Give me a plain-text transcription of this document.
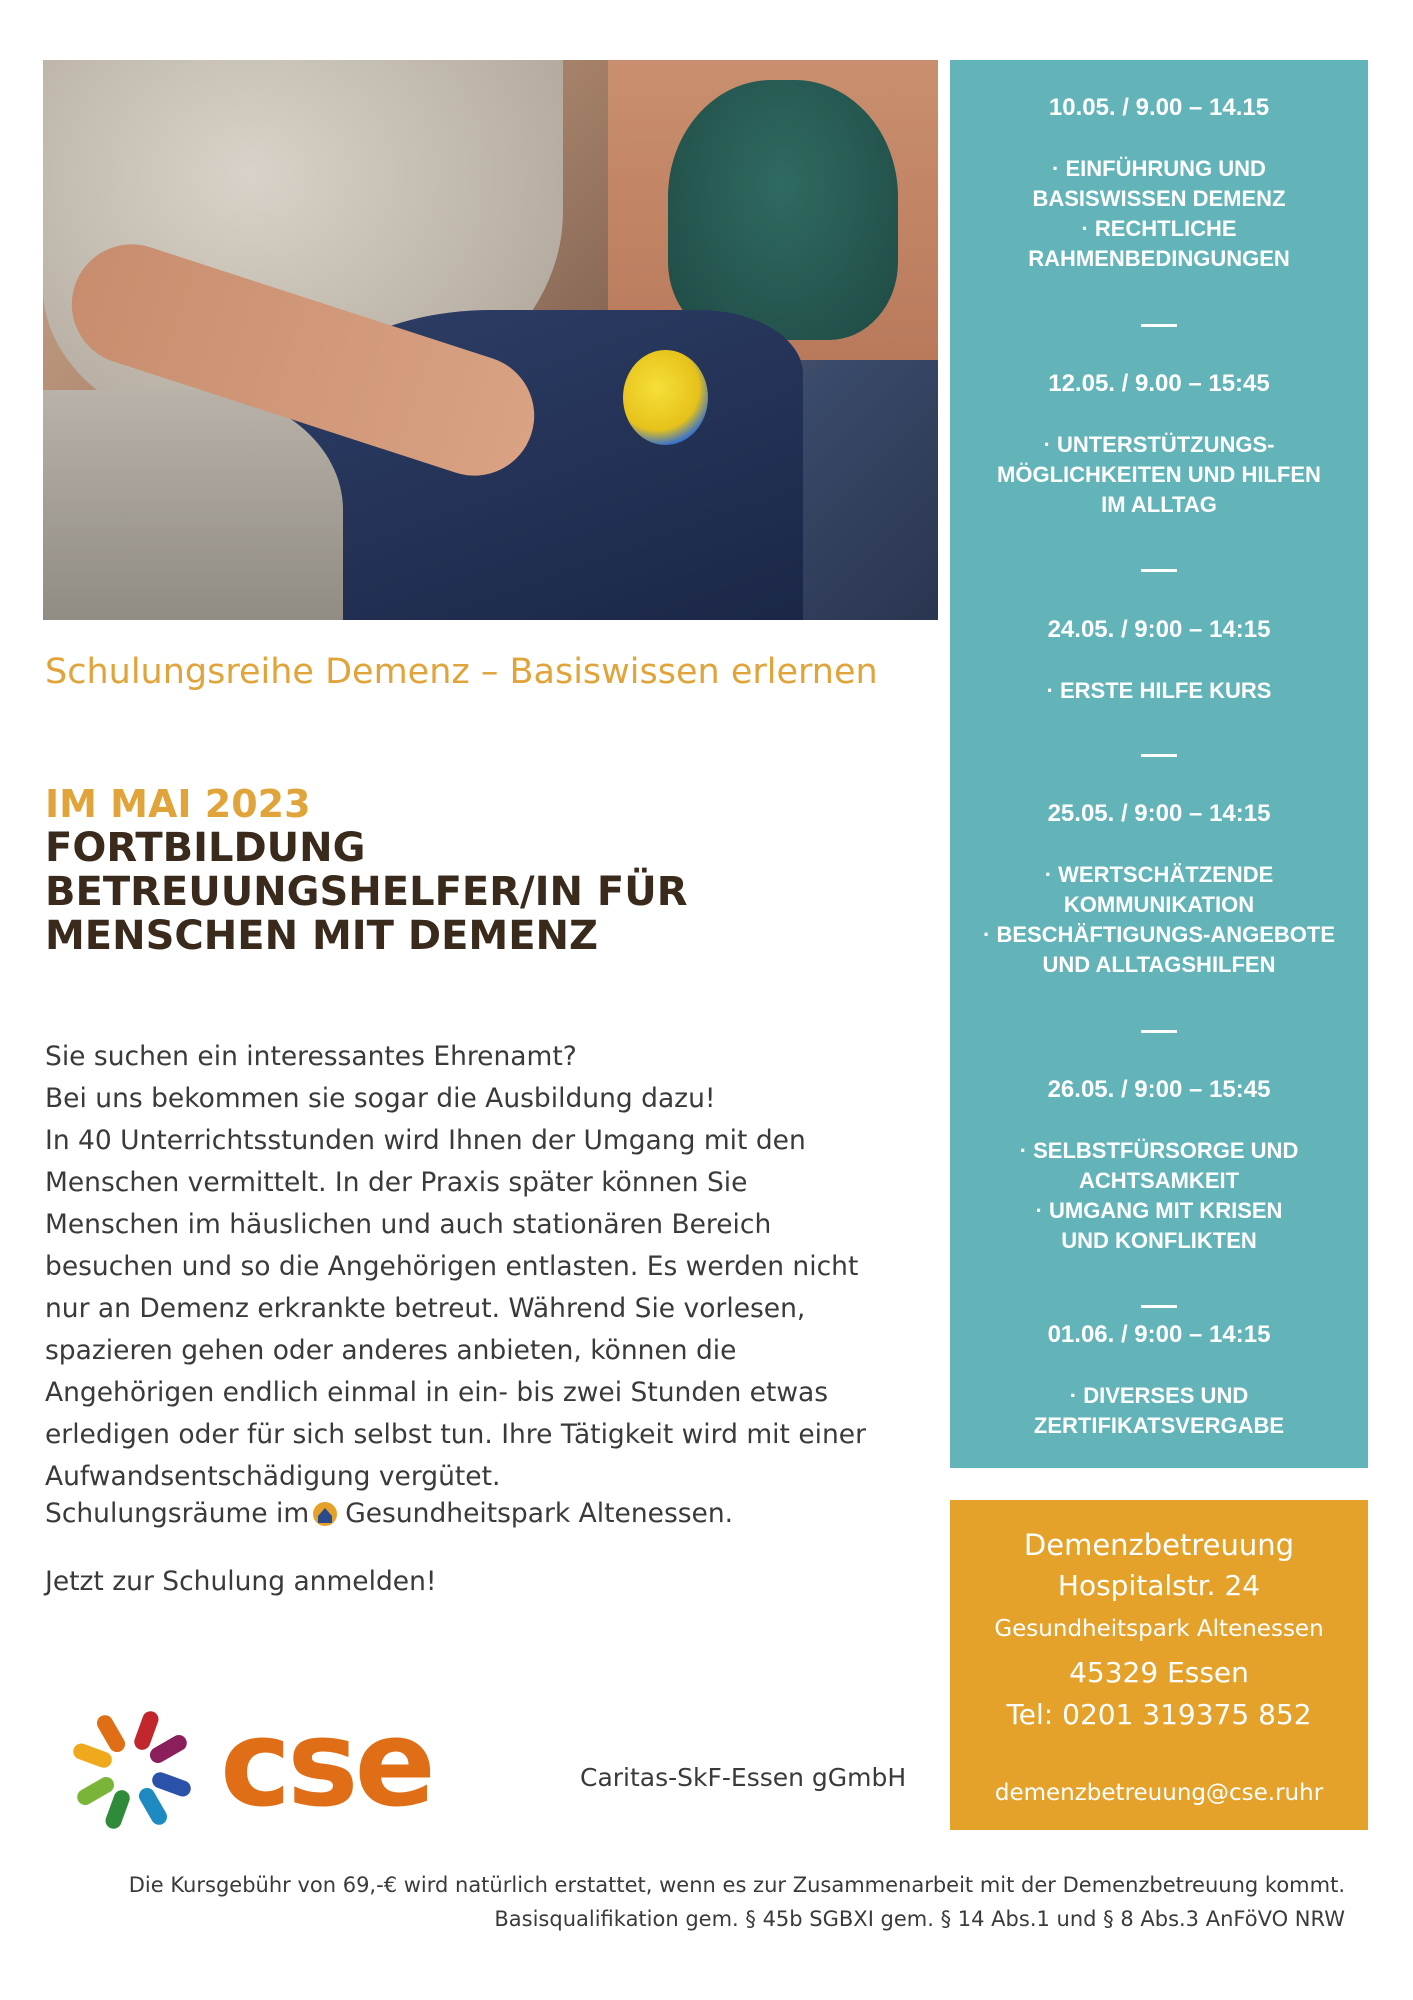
Schulungsreihe Demenz – Basiswissen erlernen
IM MAI 2023
FORTBILDUNG
BETREUUNGSHELFER/IN FÜR
MENSCHEN MIT DEMENZ
Sie suchen ein interessantes Ehrenamt?
Bei uns bekommen sie sogar die Ausbildung dazu!
In 40 Unterrichtsstunden wird Ihnen der Umgang mit den
Menschen vermittelt. In der Praxis später können Sie
Menschen im häuslichen und auch stationären Bereich
besuchen und so die Angehörigen entlasten. Es werden nicht
nur an Demenz erkrankte betreut. Während Sie vorlesen,
spazieren gehen oder anderes anbieten, können die
Angehörigen endlich einmal in ein- bis zwei Stunden etwas
erledigen oder für sich selbst tun. Ihre Tätigkeit wird mit einer
Aufwandsentschädigung vergütet.
Schulungsräume im Gesundheitspark Altenessen.
Jetzt zur Schulung anmelden!
cse	Caritas-SkF-Essen gGmbH
10.05. / 9.00 – 14.15
· EINFÜHRUNG UND
BASISWISSEN DEMENZ
· RECHTLICHE
RAHMENBEDINGUNGEN
12.05. / 9.00 – 15:45
· UNTERSTÜTZUNGS-
MÖGLICHKEITEN UND HILFEN
IM ALLTAG
24.05. / 9:00 – 14:15
· ERSTE HILFE KURS
25.05. / 9:00 – 14:15
· WERTSCHÄTZENDE
KOMMUNIKATION
· BESCHÄFTIGUNGS-ANGEBOTE
UND ALLTAGSHILFEN
26.05. / 9:00 – 15:45
· SELBSTFÜRSORGE UND
ACHTSAMKEIT
· UMGANG MIT KRISEN
UND KONFLIKTEN
01.06. / 9:00 – 14:15
· DIVERSES UND
ZERTIFIKATSVERGABE
Demenzbetreuung
Hospitalstr. 24
Gesundheitspark Altenessen
45329 Essen
Tel: 0201 319375 852
demenzbetreuung@cse.ruhr
Die Kursgebühr von 69,-€ wird natürlich erstattet, wenn es zur Zusammenarbeit mit der Demenzbetreuung kommt.
Basisqualifikation gem. § 45b SGBXI gem. § 14 Abs.1 und § 8 Abs.3 AnFöVO NRW
